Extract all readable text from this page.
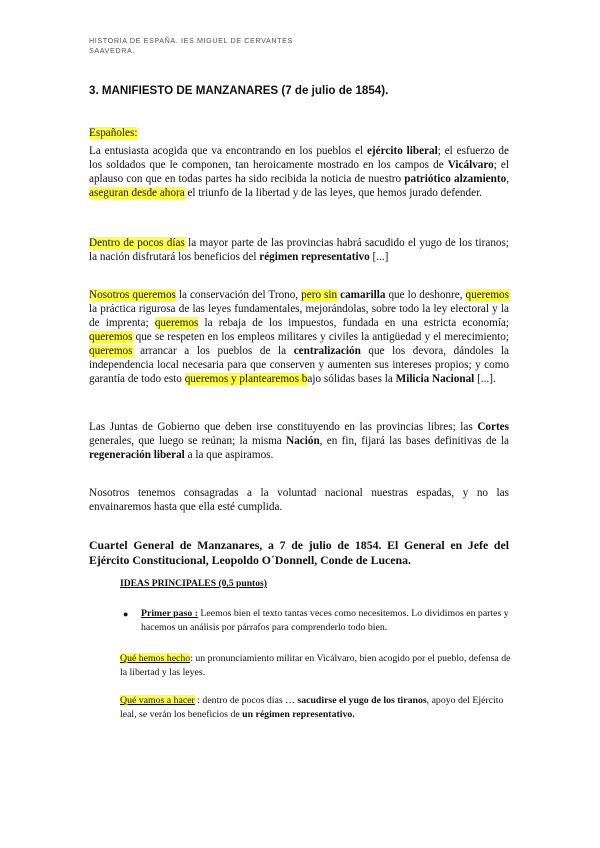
HISTORIA DE ESPAÑA. IES MIGUEL DE CERVANTES
SAAVEDRA.
3. MANIFIESTO DE MANZANARES (7 de julio de 1854).
Españoles:
La entusiasta acogida que va encontrando en los pueblos el ejército liberal; el esfuerzo de los soldados que le componen, tan heroicamente mostrado en los campos de Vicálvaro; el aplauso con que en todas partes ha sido recibida la noticia de nuestro patriótico alzamiento, aseguran desde ahora el triunfo de la libertad y de las leyes, que hemos jurado defender.
Dentro de pocos días la mayor parte de las provincias habrá sacudido el yugo de los tiranos; la nación disfrutará los beneficios del régimen representativo [...]
Nosotros queremos la conservación del Trono, pero sin camarilla que lo deshonre, queremos la práctica rigurosa de las leyes fundamentales, mejorándolas, sobre todo la ley electoral y la de imprenta; queremos la rebaja de los impuestos, fundada en una estricta economía; queremos que se respeten en los empleos militares y civiles la antigüedad y el merecimiento; queremos arrancar a los pueblos de la centralización que los devora, dándoles la independencia local necesaria para que conserven y aumenten sus intereses propios; y como garantía de todo esto queremos y plantearemos bajo sólidas bases la Milicia Nacional [...].
Las Juntas de Gobierno que deben irse constituyendo en las provincias libres; las Cortes generales, que luego se reúnan; la misma Nación, en fin, fijará las bases definitivas de la regeneración liberal a la que aspiramos.
Nosotros tenemos consagradas a la voluntad nacional nuestras espadas, y no las envainaremos hasta que ella esté cumplida.
Cuartel General de Manzanares, a 7 de julio de 1854. El General en Jefe del Ejército Constitucional, Leopoldo O´Donnell, Conde de Lucena.
IDEAS PRINCIPALES (0,5 puntos)
● Primer paso : Leemos bien el texto tantas veces como necesitemos. Lo dividimos en partes y hacemos un análisis por párrafos para comprenderlo todo bien.
Qué hemos hecho: un pronunciamiento militar en Vicálvaro, bien acogido por el pueblo, defensa de la libertad y las leyes.
Qué vamos a hacer : dentro de pocos días … sacudirse el yugo de los tiranos, apoyo del Ejército leal, se verán los beneficios de un régimen representativo.
